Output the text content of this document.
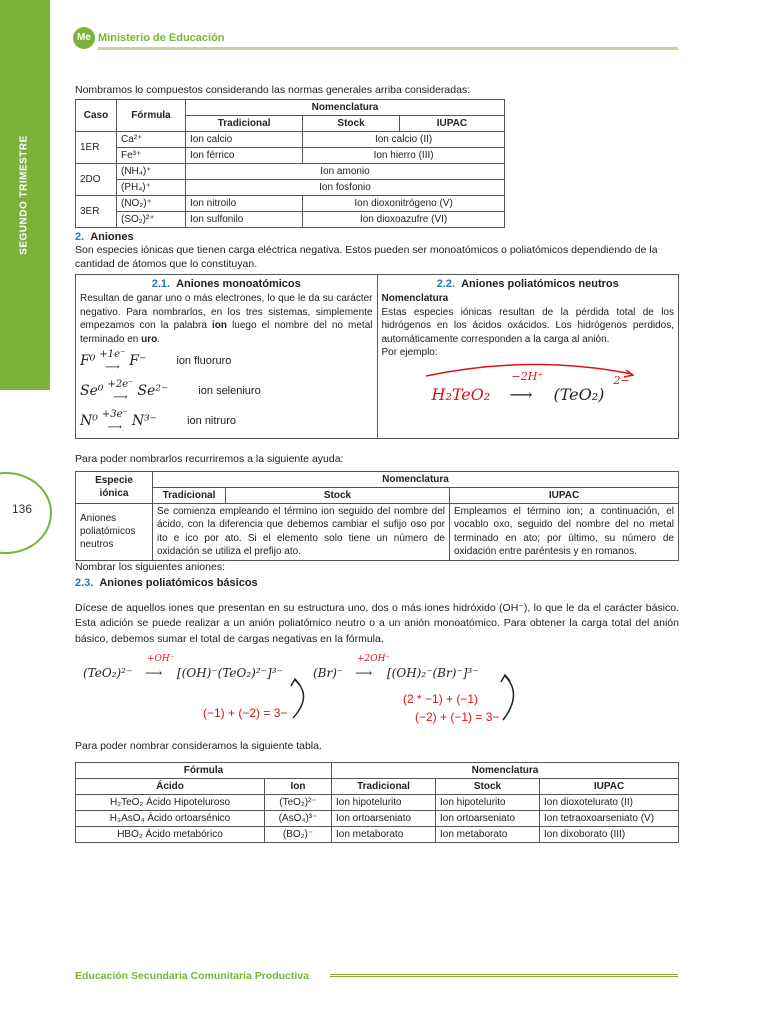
SEGUNDO TRIMESTRE
136
Me Ministerio de Educación

Nombramos lo compuestos considerando las normas generales arriba consideradas:

Caso	Fórmula	Nomenclatura		
		Tradicional	Stock	IUPAC
1ER	Ca²⁺	Ion calcio	Ion calcio (II)	
	Fe³⁺	Ion férrico	Ion hierro (III)	
2DO	(NH₄)⁺	Ion amonio		
	(PH₄)⁺	Ion fosfonio		
3ER	(NO₂)⁺	Ion nitroilo	Ion dioxonitrógeno (V)	
	(SO₂)²⁺	Ion sulfonilo	Ion dioxoazufre (VI)	

2. Aniones

Son especies iónicas que tienen carga eléctrica negativa. Estos pueden ser monoatómicos o poliatómicos dependiendo de la cantidad de átomos que lo constituyan.

2.1. Aniones monoatómicos

Resultan de ganar uno o más electrones, lo que le da su carácter negativo. Para nombrarlos, en los tres sistemas, simplemente empezamos con la palabra ion luego el nombre del no metal terminado en uro.

F⁰ +1e⁻
⟶ F⁻	ion fluoruro
Se⁰ +2e⁻
⟶ Se²⁻	ion seleniuro
N⁰ +3e⁻
⟶ N³⁻	ion nitruro

2.2. Aniones poliatómicos neutros

Nomenclatura

Estas especies iónicas resultan de la pérdida total de los hidrógenos en los ácidos oxácidos. Los hidrógenos perdidos, automáticamente corresponden a la carga al anión.

Por ejemplo:

H₂TeO₂
−2H⁺
⟶ (TeO₂)
2−

Para poder nombrarlos recurriremos a la siguiente ayuda:

Especie iónica	Nomenclatura		
	Tradicional	Stock	IUPAC
Aniones poliatómicos neutros	Se comienza empleando el término ion seguido del nombre del ácido, con la diferencia que debemos cambiar el sufijo oso por ito e ico por ato. Si el elemento solo tiene un número de oxidación se utiliza el prefijo ato.		Empleamos el término ion; a continuación, el vocablo oxo, seguido del nombre del no metal terminado en ato; por último, su número de oxidación entre paréntesis y en romanos.

Nombrar los siguientes aniones:

2.3. Aniones poliatómicos básicos

Dícese de aquellos iones que presentan en su estructura uno, dos o más iones hidróxido (OH⁻), lo que le da el carácter básico. Esta adición se puede realizar a un anión poliatómico neutro o a un anión monoatómico. Para obtener la carga total del anión básico, debemos sumar el total de cargas negativas en la fórmula.

(TeO₂)²⁻
+OH⁻
⟶ [(OH)⁻(TeO₂)²⁻]³⁻
(−1) + (−2) = 3−
(Br)⁻
+2OH⁻
⟶ [(OH)₂⁻(Br)⁻]³⁻
(2 * −1) + (−1)
(−2) + (−1) = 3−

Para poder nombrar consideramos la siguiente tabla.

Fórmula		Nomenclatura		
Ácido	Ion	Tradicional	Stock	IUPAC
H₂TeO₂ Ácido Hipoteluroso	(TeO₂)²⁻	Ion hipotelurito	Ion hipotelurito	Ion dioxotelurato (II)
H₃AsO₄ Ácido ortoarsénico	(AsO₄)³⁻	Ion ortoarseniato	Ion ortoarseniato	Ion tetraoxoarseniato (V)
HBO₂ Ácido metabórico	(BO₂)⁻	Ion metaborato	Ion metaborato	Ion dixoborato (III)
Educación Secundaria Comunitaria Productiva
